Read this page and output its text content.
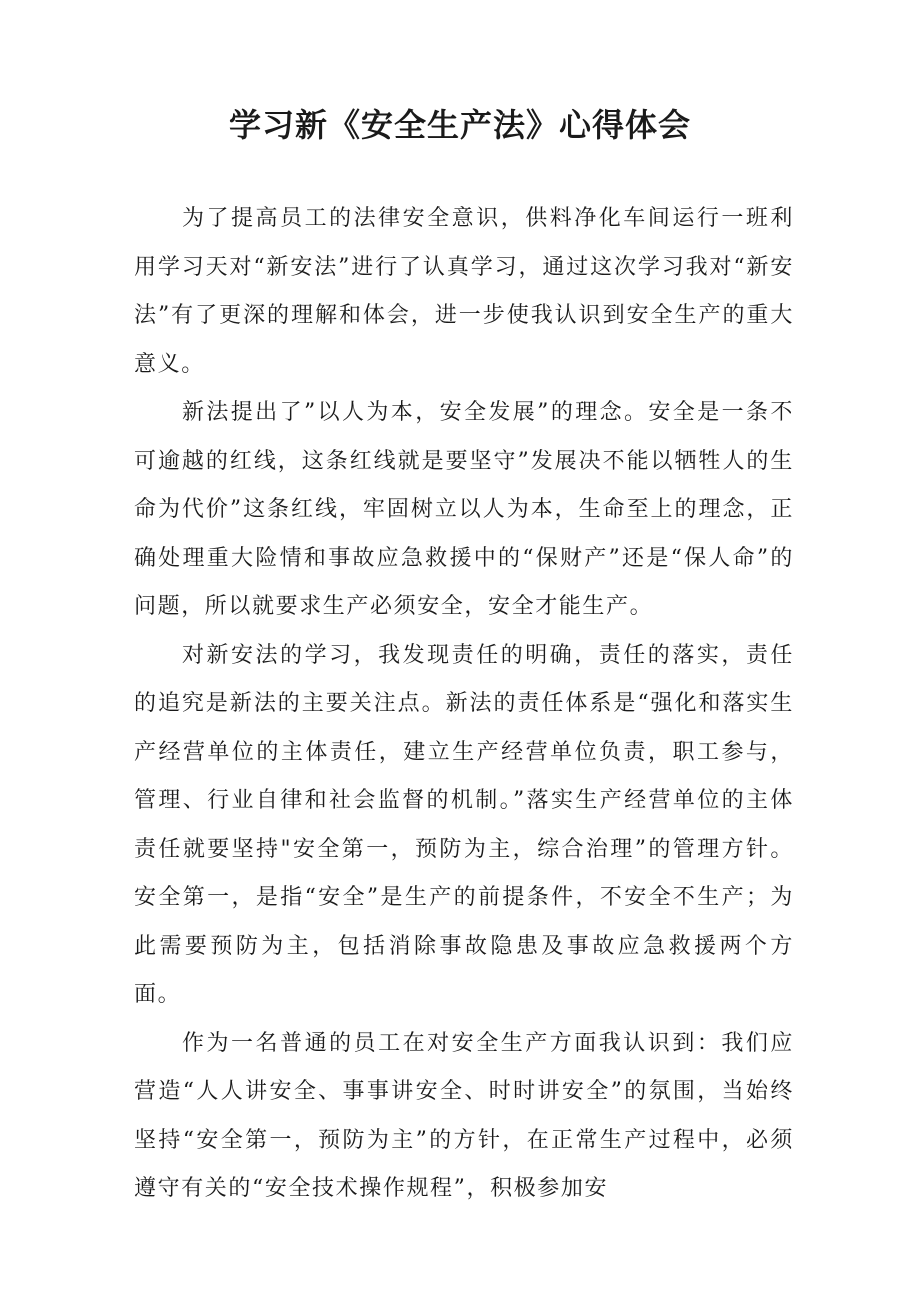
学习新《安全生产法》心得体会

为了提高员工的法律安全意识，供料净化车间运行一班利用学习天对“新安法”进行了认真学习，通过这次学习我对“新安法”有了更深的理解和体会，进一步使我认识到安全生产的重大意义。

新法提出了”以人为本，安全发展”的理念。安全是一条不可逾越的红线，这条红线就是要坚守”发展决不能以牺牲人的生命为代价”这条红线，牢固树立以人为本，生命至上的理念，正确处理重大险情和事故应急救援中的“保财产”还是“保人命”的问题，所以就要求生产必须安全，安全才能生产。

对新安法的学习，我发现责任的明确，责任的落实，责任的追究是新法的主要关注点。新法的责任体系是“强化和落实生产经营单位的主体责任，建立生产经营单位负责，职工参与，管理、行业自律和社会监督的机制。”落实生产经营单位的主体责任就要坚持"安全第一，预防为主，综合治理”的管理方针。安全第一，是指“安全”是生产的前提条件，不安全不生产；为此需要预防为主，包括消除事故隐患及事故应急救援两个方面。

作为一名普通的员工在对安全生产方面我认识到：我们应营造“人人讲安全、事事讲安全、时时讲安全”的氛围，当始终坚持“安全第一，预防为主”的方针，在正常生产过程中，必须遵守有关的“安全技术操作规程”，积极参加安
